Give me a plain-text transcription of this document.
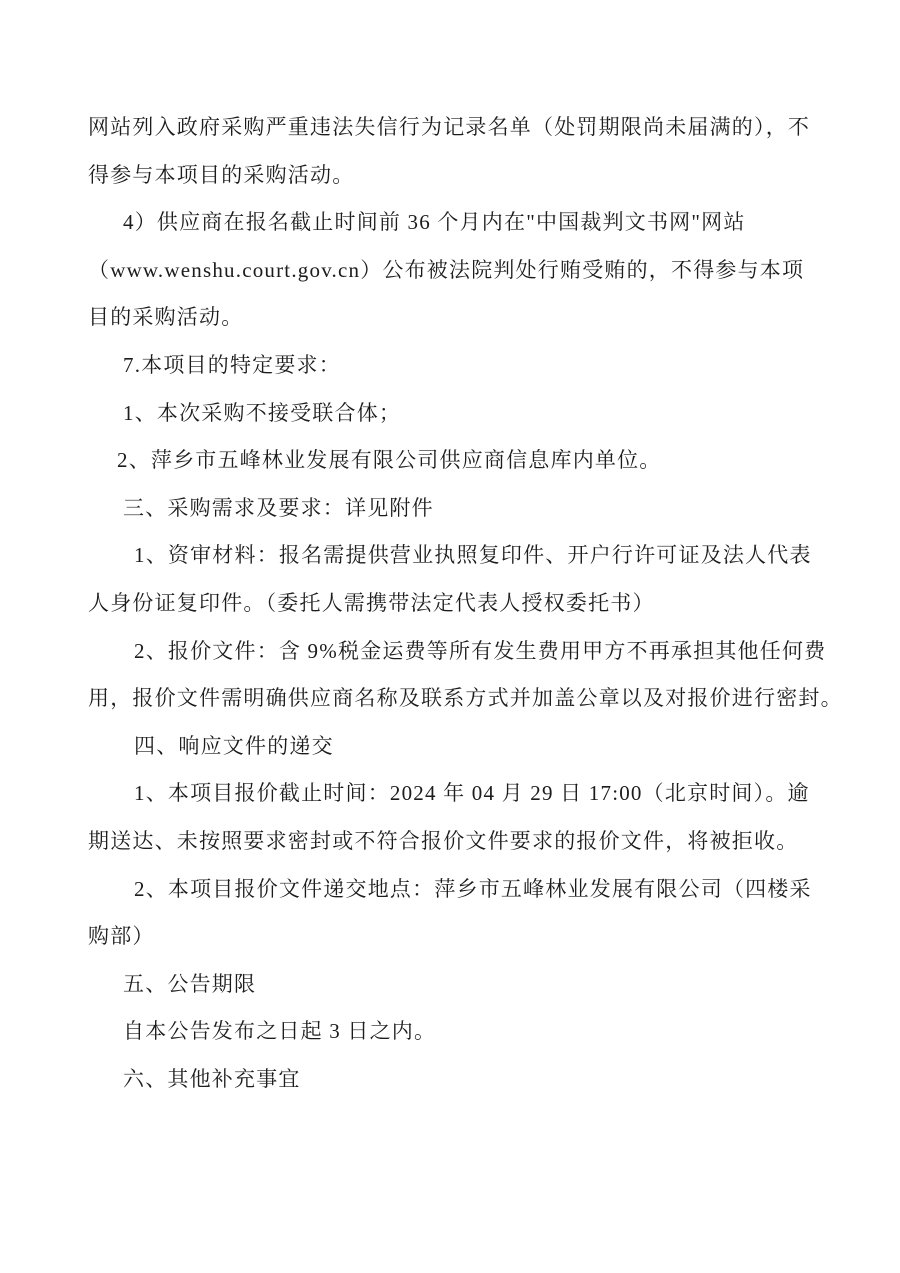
网站列入政府采购严重违法失信行为记录名单（处罚期限尚未届满的），不
得参与本项目的采购活动。
4）供应商在报名截止时间前 36 个月内在"中国裁判文书网"网站
（www.wenshu.court.gov.cn）公布被法院判处行贿受贿的，不得参与本项
目的采购活动。
7.本项目的特定要求：
1、本次采购不接受联合体；
2、萍乡市五峰林业发展有限公司供应商信息库内单位。
三、采购需求及要求：详见附件
1、资审材料：报名需提供营业执照复印件、开户行许可证及法人代表
人身份证复印件。（委托人需携带法定代表人授权委托书）
2、报价文件：含 9%税金运费等所有发生费用甲方不再承担其他任何费
用，报价文件需明确供应商名称及联系方式并加盖公章以及对报价进行密封。
四、响应文件的递交
1、本项目报价截止时间：2024 年 04 月 29 日 17:00（北京时间）。逾
期送达、未按照要求密封或不符合报价文件要求的报价文件，将被拒收。
2、本项目报价文件递交地点：萍乡市五峰林业发展有限公司（四楼采
购部）
五、公告期限
自本公告发布之日起 3 日之内。
六、其他补充事宜
